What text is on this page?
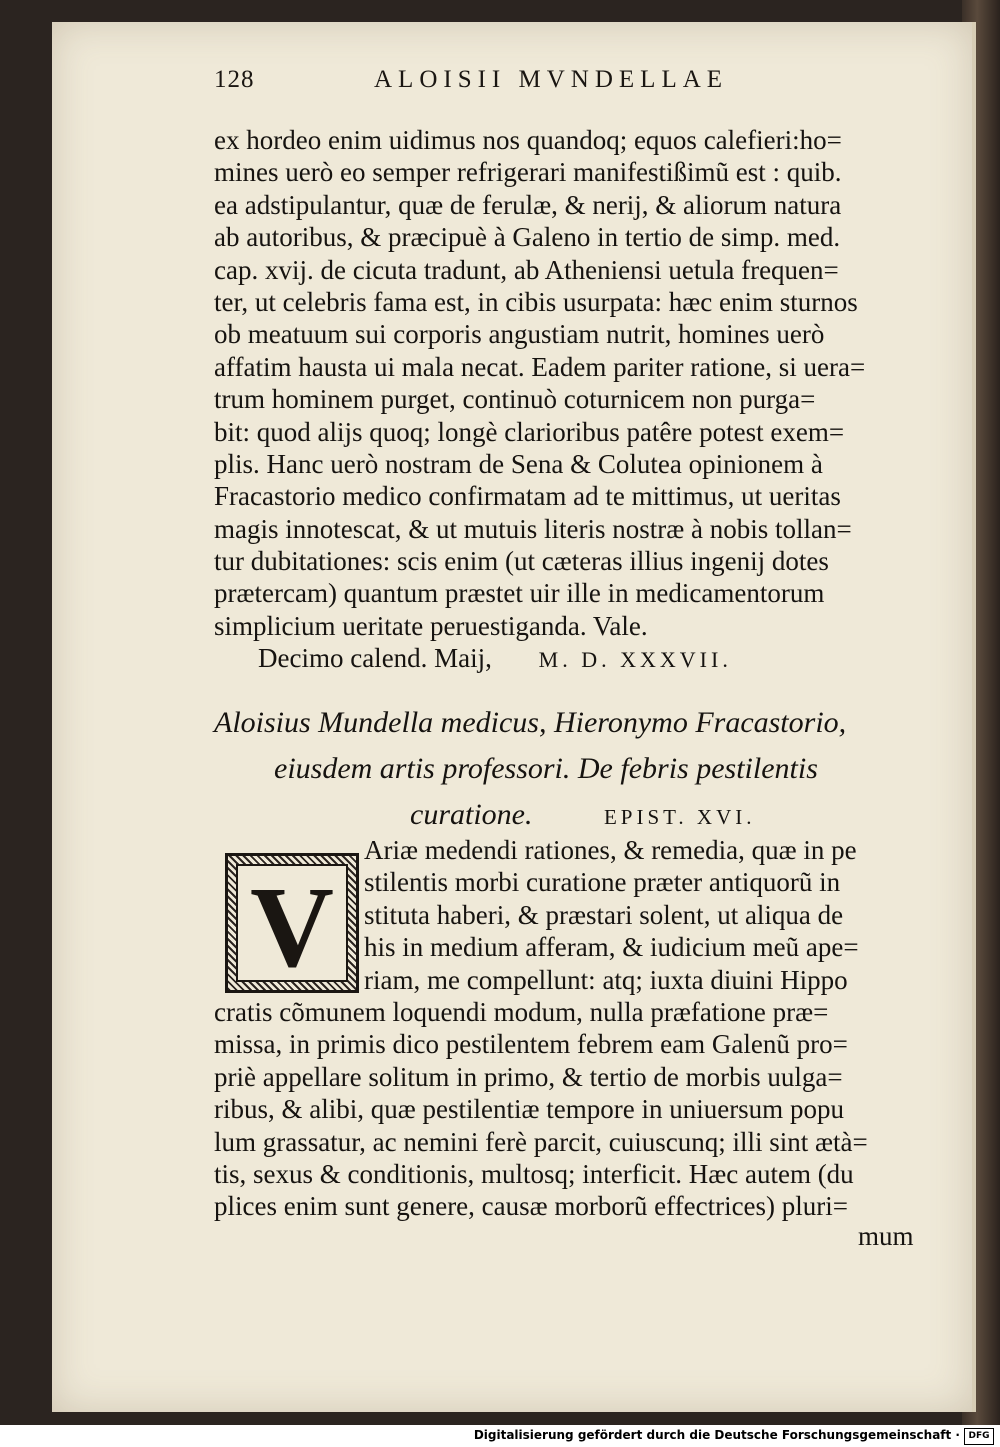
128	ALOISII MVNDELLAE
ex hordeo enim uidimus nos quandoq; equos calefieri:ho=
mines uerò eo semper refrigerari manifestißimũ est : quib.
ea adstipulantur, quæ de ferulæ, & nerij, & aliorum natura
ab autoribus, & præcipuè à Galeno in tertio de simp. med.
cap. xvij. de cicuta tradunt, ab Atheniensi uetula frequen=
ter, ut celebris fama est, in cibis usurpata: hæc enim sturnos
ob meatuum sui corporis angustiam nutrit, homines uerò
affatim hausta ui mala necat. Eadem pariter ratione, si uera=
trum hominem purget, continuò coturnicem non purga=
bit: quod alijs quoq; longè clarioribus patêre potest exem=
plis. Hanc uerò nostram de Sena & Colutea opinionem à
Fracastorio medico confirmatam ad te mittimus, ut ueritas
magis innotescat, & ut mutuis literis nostræ à nobis tollan=
tur dubitationes: scis enim (ut cæteras illius ingenij dotes
prætercam) quantum præstet uir ille in medicamentorum
simplicium ueritate peruestiganda. Vale.
Decimo calend. Maij, M. D. XXXVII.
Aloisius Mundella medicus, Hieronymo Fracastorio,
eiusdem artis professori. De febris pestilentis
curatione.	EPIST. XVI.
V
Ariæ medendi rationes, & remedia, quæ in pe
stilentis morbi curatione præter antiquorũ in
stituta haberi, & præstari solent, ut aliqua de
his in medium afferam, & iudicium meũ ape=
riam, me compellunt: atq; iuxta diuini Hippo
cratis cõmunem loquendi modum, nulla præfatione præ=
missa, in primis dico pestilentem febrem eam Galenũ pro=
priè appellare solitum in primo, & tertio de morbis uulga=
ribus, & alibi, quæ pestilentiæ tempore in uniuersum popu
lum grassatur, ac nemini ferè parcit, cuiuscunq; illi sint ætà=
tis, sexus & conditionis, multosq; interficit. Hæc autem (du
plices enim sunt genere, causæ morborũ effectrices) pluri=
mum
Digitalisierung gefördert durch die Deutsche Forschungsgemeinschaft · DFG
